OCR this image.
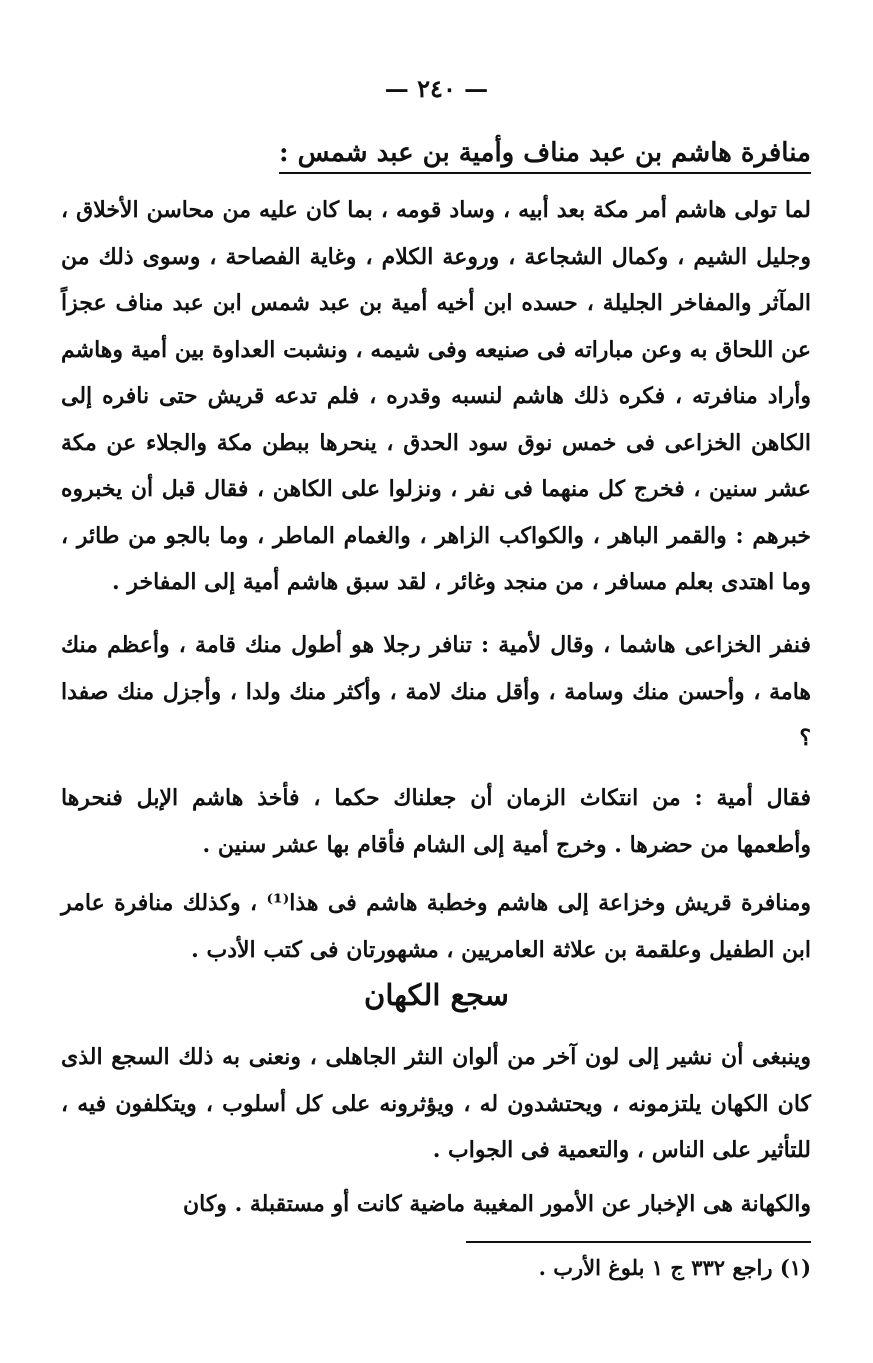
— ٢٤٠ —
منافرة هاشم بن عبد مناف وأمية بن عبد شمس :

لما تولى هاشم أمر مكة بعد أبيه ، وساد قومه ، بما كان عليه من محاسن الأخلاق ، وجليل الشيم ، وكمال الشجاعة ، وروعة الكلام ، وغاية الفصاحة ، وسوى ذلك من المآثر والمفاخر الجليلة ، حسده ابن أخيه أمية بن عبد شمس ابن عبد مناف عجزاً عن اللحاق به وعن مباراته فى صنيعه وفى شيمه ، ونشبت العداوة بين أمية وهاشم وأراد منافرته ، فكره ذلك هاشم لنسبه وقدره ، فلم تدعه قريش حتى نافره إلى الكاهن الخزاعى فى خمس نوق سود الحدق ، ينحرها ببطن مكة والجلاء عن مكة عشر سنين ، فخرج كل منهما فى نفر ، ونزلوا على الكاهن ، فقال قبل أن يخبروه خبرهم : والقمر الباهر ، والكواكب الزاهر ، والغمام الماطر ، وما بالجو من طائر ، وما اهتدى بعلم مسافر ، من منجد وغائر ، لقد سبق هاشم أمية إلى المفاخر .

فنفر الخزاعى هاشما ، وقال لأمية : تنافر رجلا هو أطول منك قامة ، وأعظم منك هامة ، وأحسن منك وسامة ، وأقل منك لامة ، وأكثر منك ولدا ، وأجزل منك صفدا ؟

فقال أمية : من انتكاث الزمان أن جعلناك حكما ، فأخذ هاشم الإبل فنحرها وأطعمها من حضرها . وخرج أمية إلى الشام فأقام بها عشر سنين .

ومنافرة قريش وخزاعة إلى هاشم وخطبة هاشم فى هذا⁽¹⁾ ، وكذلك منافرة عامر ابن الطفيل وعلقمة بن علاثة العامريين ، مشهورتان فى كتب الأدب .

سجع الكهان

وينبغى أن نشير إلى لون آخر من ألوان النثر الجاهلى ، ونعنى به ذلك السجع الذى كان الكهان يلتزمونه ، ويحتشدون له ، ويؤثرونه على كل أسلوب ، ويتكلفون فيه ، للتأثير على الناس ، والتعمية فى الجواب .

والكهانة هى الإخبار عن الأمور المغيبة ماضية كانت أو مستقبلة . وكان

(١) راجع ٣٣٢ ج ١ بلوغ الأرب .
